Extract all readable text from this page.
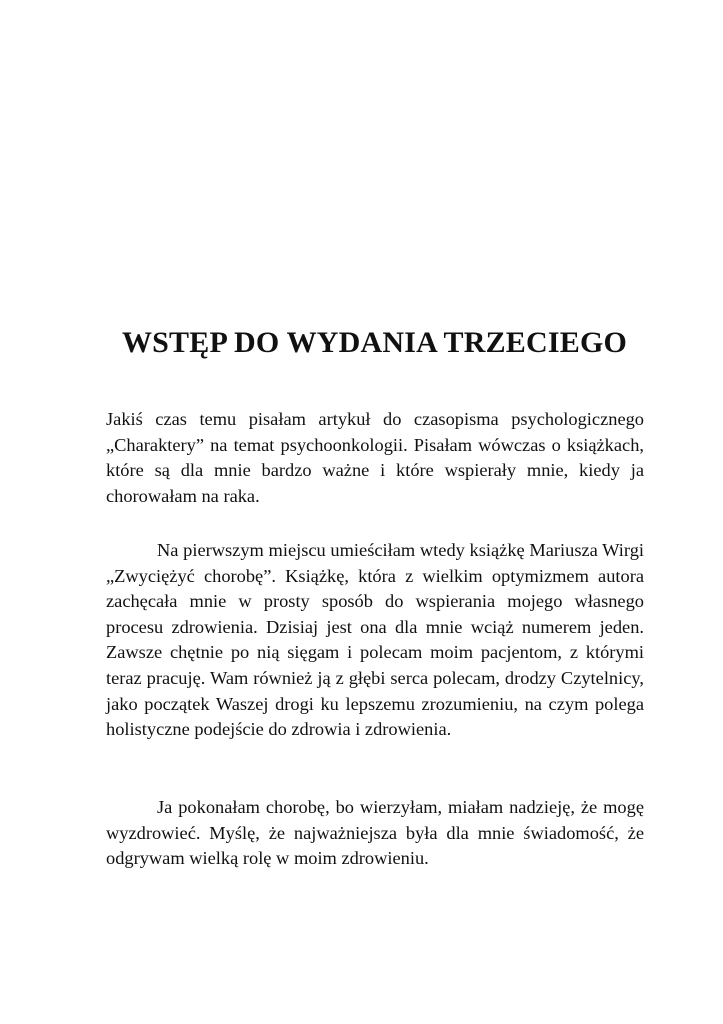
WSTĘP DO WYDANIA TRZECIEGO

Jakiś czas temu pisałam artykuł do czasopisma psychologicznego „Charaktery” na temat psychoonkologii. Pisałam wówczas o książkach, które są dla mnie bardzo ważne i które wspierały mnie, kiedy ja chorowałam na raka.

Na pierwszym miejscu umieściłam wtedy książkę Mariusza Wirgi „Zwyciężyć chorobę”. Książkę, która z wielkim optymizmem autora zachęcała mnie w prosty sposób do wspierania mojego własnego procesu zdrowienia. Dzisiaj jest ona dla mnie wciąż numerem jeden. Zawsze chętnie po nią sięgam i polecam moim pacjentom, z którymi teraz pracuję. Wam również ją z głębi serca polecam, drodzy Czytelnicy, jako początek Waszej drogi ku lepszemu zrozumieniu, na czym polega holistyczne podejście do zdrowia i zdrowienia.

Ja pokonałam chorobę, bo wierzyłam, miałam nadzieję, że mogę wyzdrowieć. Myślę, że najważniejsza była dla mnie świadomość, że odgrywam wielką rolę w moim zdrowieniu.
